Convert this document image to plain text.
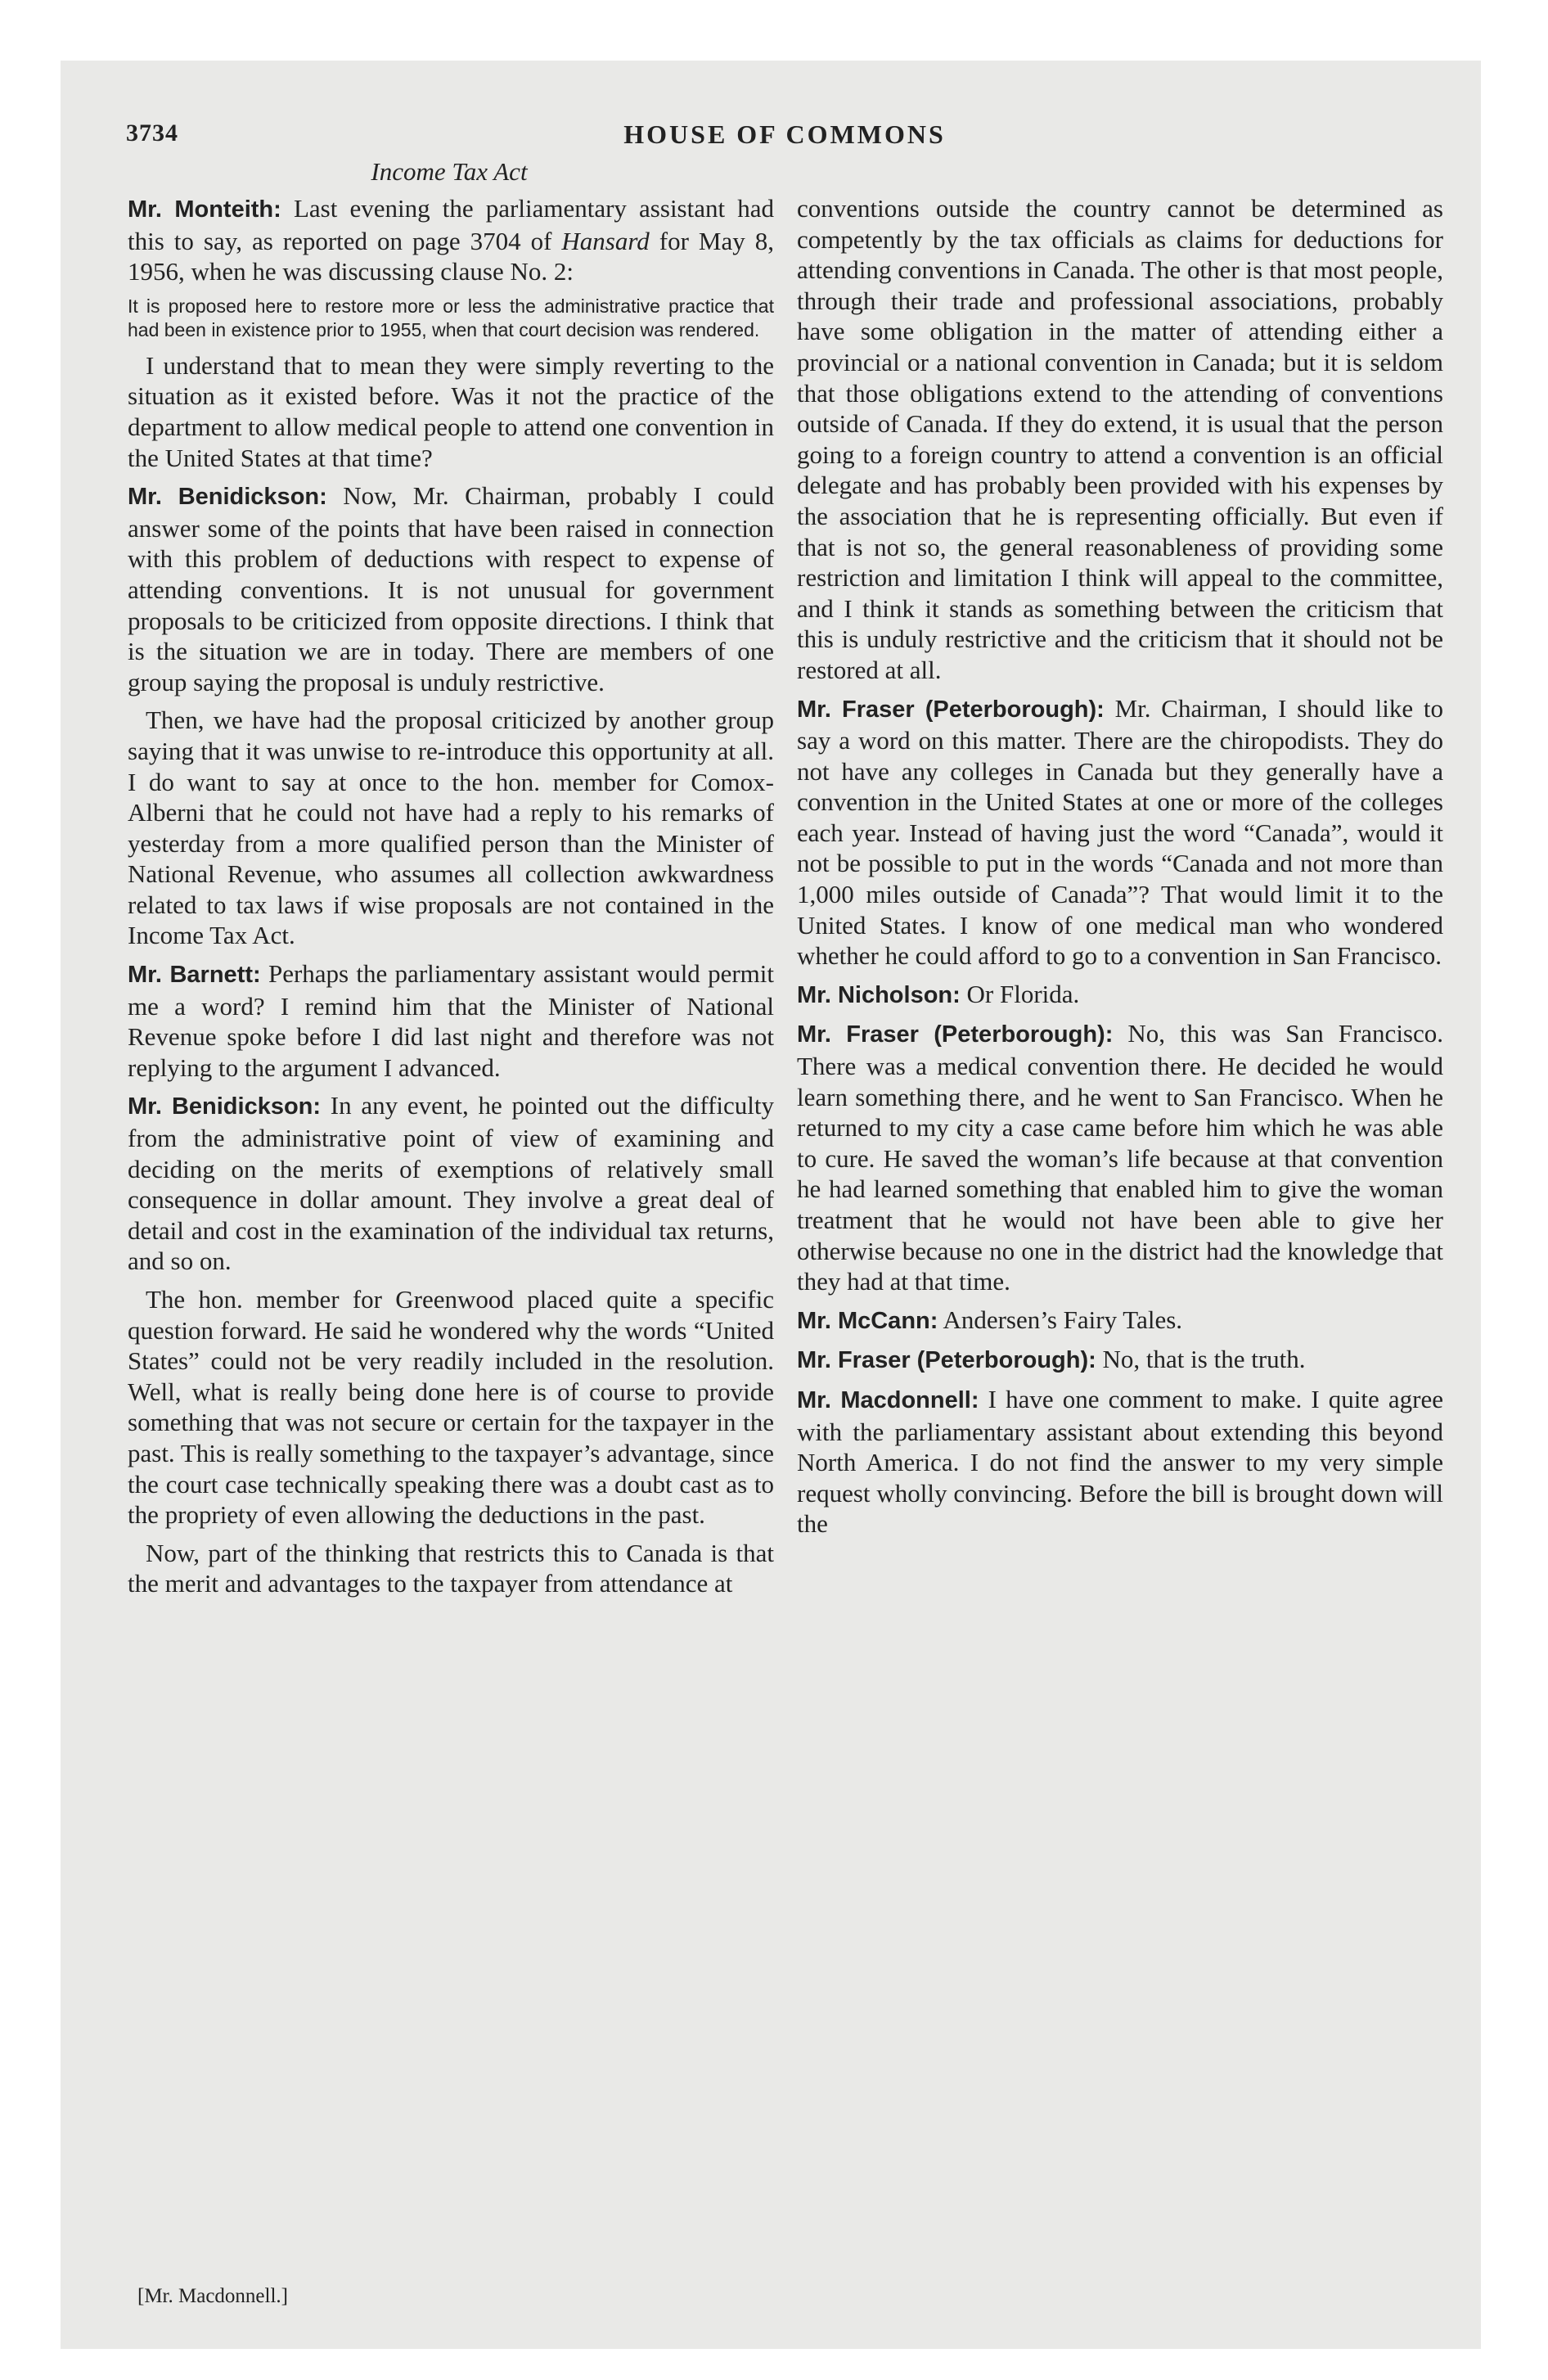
3734	HOUSE OF COMMONS
Income Tax Act

Mr. Monteith: Last evening the parliamentary assistant had this to say, as reported on page 3704 of Hansard for May 8, 1956, when he was discussing clause No. 2:

It is proposed here to restore more or less the administrative practice that had been in existence prior to 1955, when that court decision was rendered.

I understand that to mean they were simply reverting to the situation as it existed before. Was it not the practice of the department to allow medical people to attend one convention in the United States at that time?

Mr. Benidickson: Now, Mr. Chairman, probably I could answer some of the points that have been raised in connection with this problem of deductions with respect to expense of attending conventions. It is not unusual for government proposals to be criticized from opposite directions. I think that is the situation we are in today. There are members of one group saying the proposal is unduly restrictive.

Then, we have had the proposal criticized by another group saying that it was unwise to re-introduce this opportunity at all. I do want to say at once to the hon. member for Comox-Alberni that he could not have had a reply to his remarks of yesterday from a more qualified person than the Minister of National Revenue, who assumes all collection awkwardness related to tax laws if wise proposals are not contained in the Income Tax Act.

Mr. Barnett: Perhaps the parliamentary assistant would permit me a word? I remind him that the Minister of National Revenue spoke before I did last night and therefore was not replying to the argument I advanced.

Mr. Benidickson: In any event, he pointed out the difficulty from the administrative point of view of examining and deciding on the merits of exemptions of relatively small consequence in dollar amount. They involve a great deal of detail and cost in the examination of the individual tax returns, and so on.

The hon. member for Greenwood placed quite a specific question forward. He said he wondered why the words “United States” could not be very readily included in the resolution. Well, what is really being done here is of course to provide something that was not secure or certain for the taxpayer in the past. This is really something to the taxpayer’s advantage, since the court case technically speaking there was a doubt cast as to the propriety of even allowing the deductions in the past.

Now, part of the thinking that restricts this to Canada is that the merit and advantages to the taxpayer from attendance at

conventions outside the country cannot be determined as competently by the tax officials as claims for deductions for attending conventions in Canada. The other is that most people, through their trade and professional associations, probably have some obligation in the matter of attending either a provincial or a national convention in Canada; but it is seldom that those obligations extend to the attending of conventions outside of Canada. If they do extend, it is usual that the person going to a foreign country to attend a convention is an official delegate and has probably been provided with his expenses by the association that he is representing officially. But even if that is not so, the general reasonableness of providing some restriction and limitation I think will appeal to the committee, and I think it stands as something between the criticism that this is unduly restrictive and the criticism that it should not be restored at all.

Mr. Fraser (Peterborough): Mr. Chairman, I should like to say a word on this matter. There are the chiropodists. They do not have any colleges in Canada but they generally have a convention in the United States at one or more of the colleges each year. Instead of having just the word “Canada”, would it not be possible to put in the words “Canada and not more than 1,000 miles outside of Canada”? That would limit it to the United States. I know of one medical man who wondered whether he could afford to go to a convention in San Francisco.

Mr. Nicholson: Or Florida.

Mr. Fraser (Peterborough): No, this was San Francisco. There was a medical convention there. He decided he would learn something there, and he went to San Francisco. When he returned to my city a case came before him which he was able to cure. He saved the woman’s life because at that convention he had learned something that enabled him to give the woman treatment that he would not have been able to give her otherwise because no one in the district had the knowledge that they had at that time.

Mr. McCann: Andersen’s Fairy Tales.

Mr. Fraser (Peterborough): No, that is the truth.

Mr. Macdonnell: I have one comment to make. I quite agree with the parliamentary assistant about extending this beyond North America. I do not find the answer to my very simple request wholly convincing. Before the bill is brought down will the

[Mr. Macdonnell.]
